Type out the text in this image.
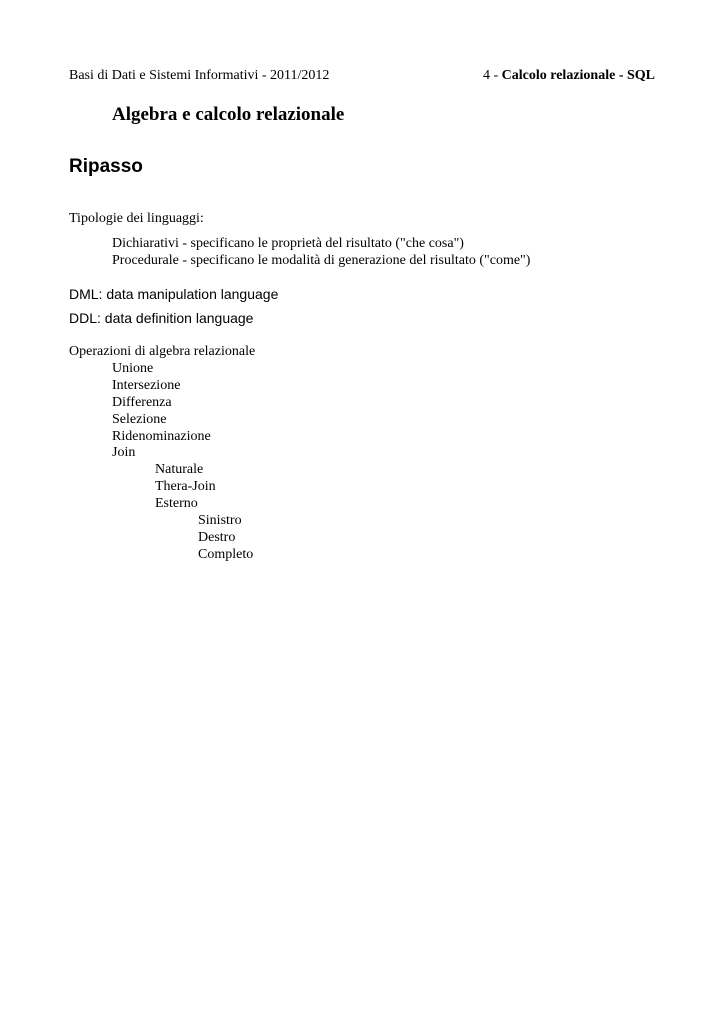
Basi di Dati e Sistemi Informativi - 2011/2012	4 - Calcolo relazionale - SQL
Algebra e calcolo relazionale
Ripasso
Tipologie dei linguaggi:
Dichiarativi - specificano le proprietà del risultato ("che cosa")
Procedurale - specificano le modalità di generazione del risultato ("come")
DML: data manipulation language
DDL: data definition language
Operazioni di algebra relazionale
Unione
Intersezione
Differenza
Selezione
Ridenominazione
Join
Naturale
Thera-Join
Esterno
Sinistro
Destro
Completo
